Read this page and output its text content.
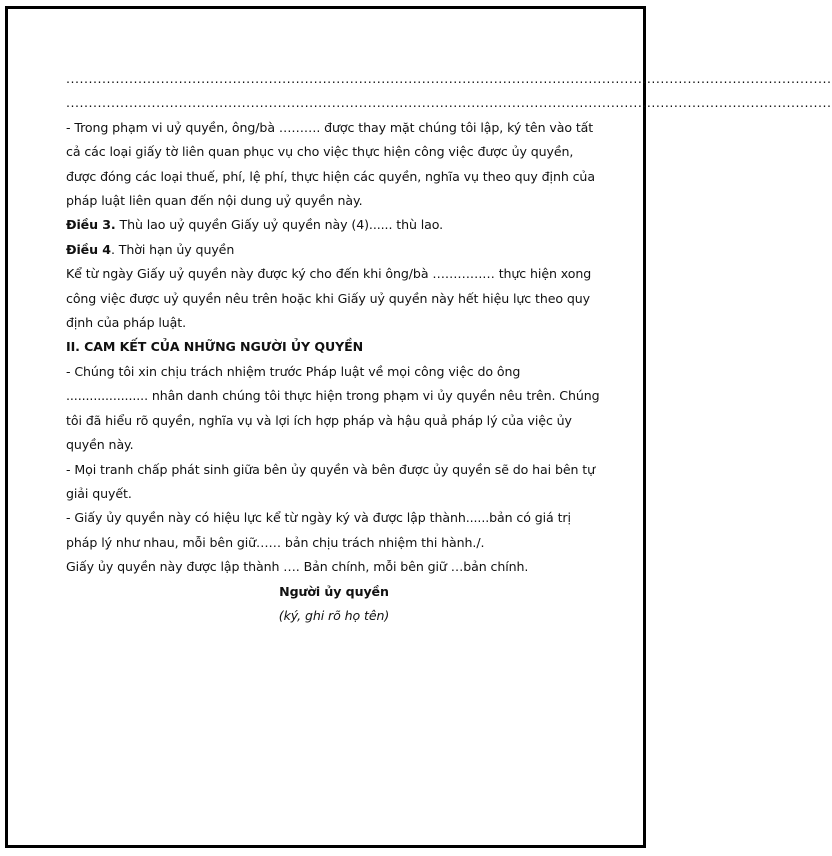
..........................................................................................................................................................................

..........................................................................................................................................................................

- Trong phạm vi uỷ quyền, ông/bà ………. được thay mặt chúng tôi lập, ký tên vào tất cả các loại giấy tờ liên quan phục vụ cho việc thực hiện công việc được ủy quyền, được đóng các loại thuế, phí, lệ phí, thực hiện các quyền, nghĩa vụ theo quy định của pháp luật liên quan đến nội dung uỷ quyền này.

Điều 3. Thù lao uỷ quyền Giấy uỷ quyền này (4)...... thù lao.

Điều 4. Thời hạn ủy quyền

Kể từ ngày Giấy uỷ quyền này được ký cho đến khi ông/bà …………… thực hiện xong công việc được uỷ quyền nêu trên hoặc khi Giấy uỷ quyền này hết hiệu lực theo quy định của pháp luật.

II. CAM KẾT CỦA NHỮNG NGƯỜI ỦY QUYỀN

- Chúng tôi xin chịu trách nhiệm trước Pháp luật về mọi công việc do ông ..................... nhân danh chúng tôi thực hiện trong phạm vi ủy quyền nêu trên. Chúng tôi đã hiểu rõ quyền, nghĩa vụ và lợi ích hợp pháp và hậu quả pháp lý của việc ủy quyền này.

- Mọi tranh chấp phát sinh giữa bên ủy quyền và bên được ủy quyền sẽ do hai bên tự giải quyết.

- Giấy ủy quyền này có hiệu lực kể từ ngày ký và được lập thành......bản có giá trị pháp lý như nhau, mỗi bên giữ…… bản chịu trách nhiệm thi hành./.

Giấy ủy quyền này được lập thành …. Bản chính, mỗi bên giữ …bản chính.

Người ủy quyền

(ký, ghi rõ họ tên)
